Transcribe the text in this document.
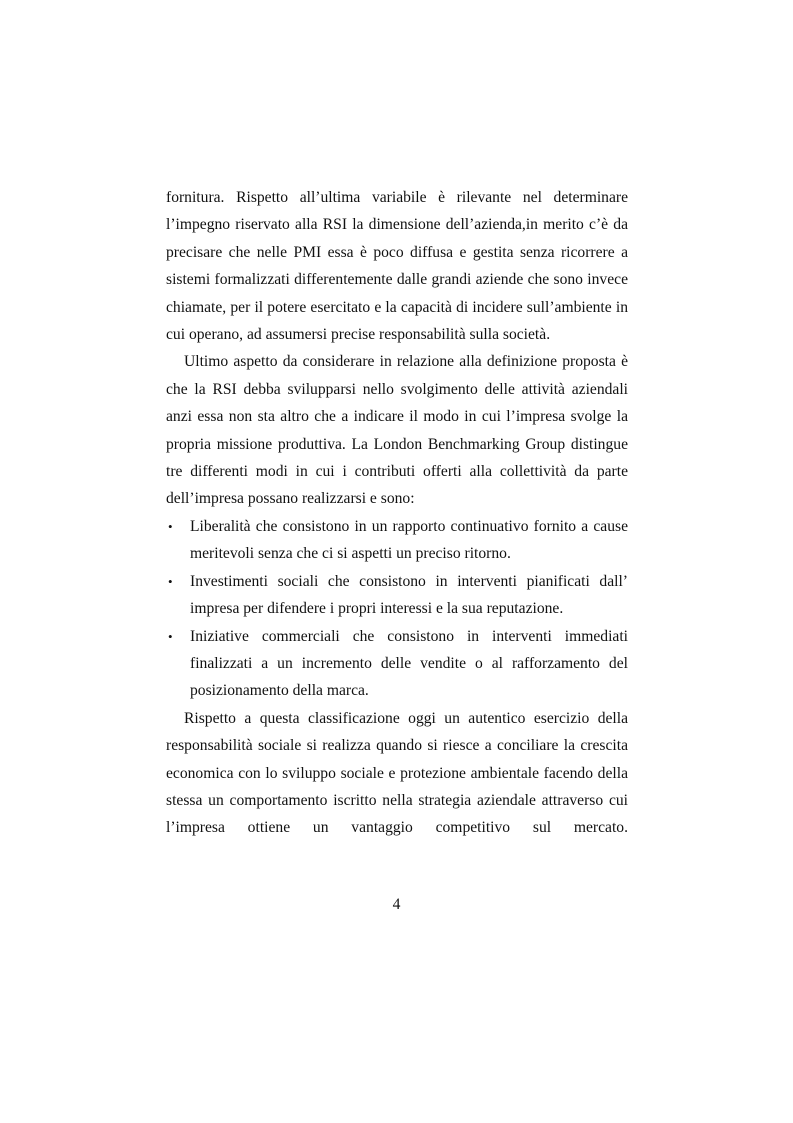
fornitura. Rispetto all’ultima variabile è rilevante nel determinare l’impegno riservato alla RSI la dimensione dell’azienda,in merito c’è da precisare che nelle PMI essa è poco diffusa e gestita senza ricorrere a sistemi formalizzati differentemente dalle grandi aziende che sono invece chiamate, per il potere esercitato e la capacità di incidere sull’ambiente in cui operano, ad assumersi precise responsabilità sulla società.

Ultimo aspetto da considerare in relazione alla definizione proposta è che la RSI debba svilupparsi nello svolgimento delle attività aziendali anzi essa non sta altro che a indicare il modo in cui l’impresa svolge la propria missione produttiva. La London Benchmarking Group distingue tre differenti modi in cui i contributi offerti alla collettività da parte dell’impresa possano realizzarsi e sono:

• Liberalità che consistono in un rapporto continuativo fornito a cause meritevoli senza che ci si aspetti un preciso ritorno.
• Investimenti sociali che consistono in interventi pianificati dall’ impresa per difendere i propri interessi e la sua reputazione.
• Iniziative commerciali che consistono in interventi immediati finalizzati a un incremento delle vendite o al rafforzamento del posizionamento della marca.

Rispetto a questa classificazione oggi un autentico esercizio della responsabilità sociale si realizza quando si riesce a conciliare la crescita economica con lo sviluppo sociale e protezione ambientale facendo della stessa un comportamento iscritto nella strategia aziendale attraverso cui l’impresa ottiene un vantaggio competitivo sul mercato.

4
